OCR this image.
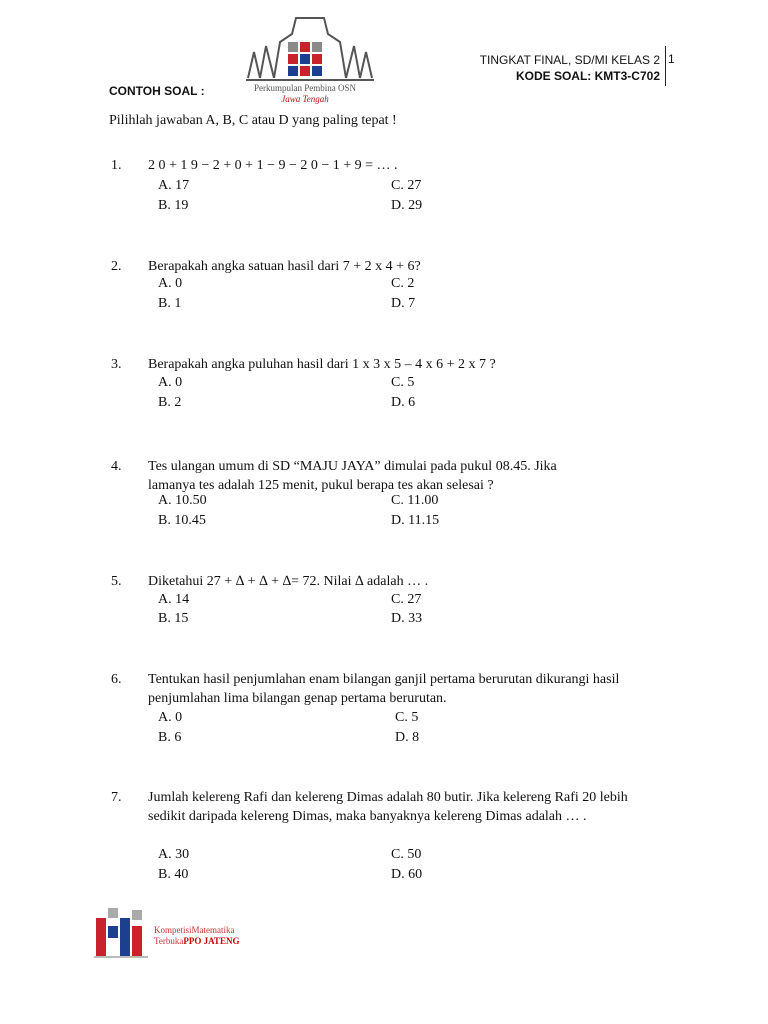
TINGKAT FINAL, SD/MI KELAS 2
KODE SOAL: KMT3-C702
1
Perkumpulan Pembina OSN
Jawa Tengah
CONTOH SOAL :
Pilihlah jawaban A, B, C atau D yang paling tepat !
1. 2 0 + 1 9 − 2 + 0 + 1 − 9 − 2 0 − 1 + 9 = … .
A. 17
B. 19
C. 27
D. 29
2. Berapakah angka satuan hasil dari 7 + 2 x 4 + 6?
A. 0
B. 1
C. 2
D. 7
3. Berapakah angka puluhan hasil dari 1 x 3 x 5 – 4 x 6 + 2 x 7 ?
A. 0
B. 2
C. 5
D. 6
4. Tes ulangan umum di SD “MAJU JAYA” dimulai pada pukul 08.45. Jika lamanya tes adalah 125 menit, pukul berapa tes akan selesai ?
A. 10.50
B. 10.45
C. 11.00
D. 11.15
5. Diketahui 27 + ∆ + ∆ + ∆= 72. Nilai ∆ adalah … .
A. 14
B. 15
C. 27
D. 33
6. Tentukan hasil penjumlahan enam bilangan ganjil pertama berurutan dikurangi hasil penjumlahan lima bilangan genap pertama berurutan.
A. 0
B. 6
C. 5
D. 8
7. Jumlah kelereng Rafi dan kelereng Dimas adalah 80 butir. Jika kelereng Rafi 20 lebih sedikit daripada kelereng Dimas, maka banyaknya kelereng Dimas adalah … .
A. 30
B. 40
C. 50
D. 60
KompetisiMatematika
TerbukaPPO JATENG
